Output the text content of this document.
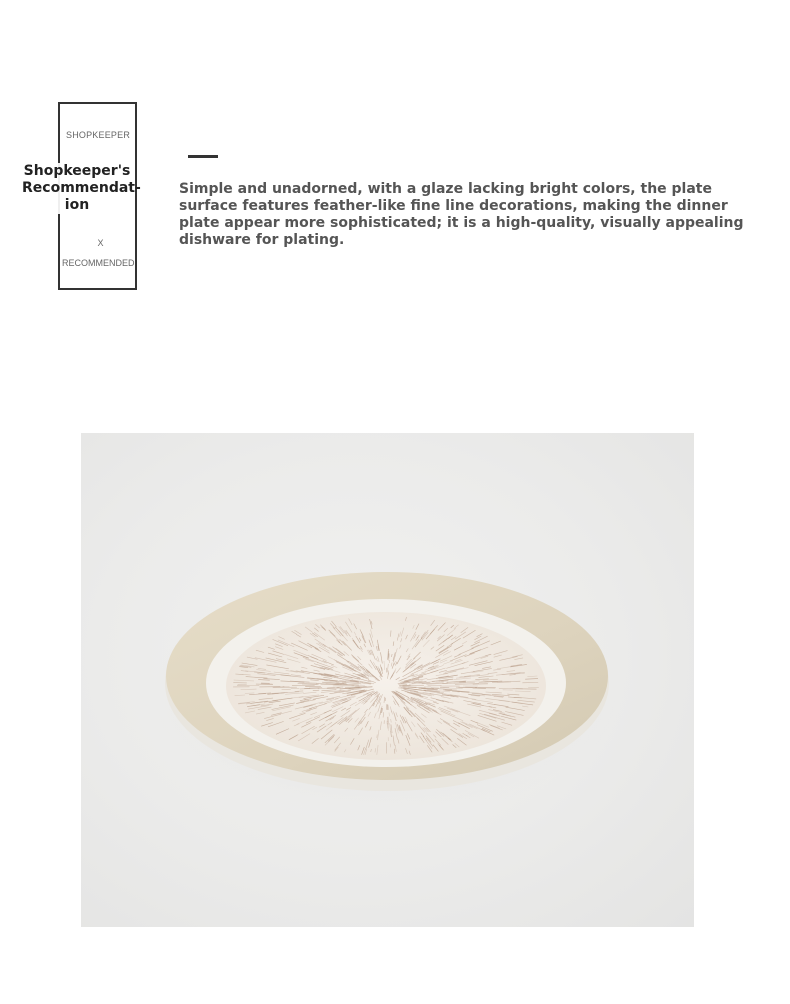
SHOPKEEPER
X
RECOMMENDED
Shopkeeper's Recommendat-ion
Simple and unadorned, with a glaze lacking bright colors, the plate surface features feather-like fine line decorations, making the dinner plate appear more sophisticated; it is a high-quality, visually appealing dishware for plating.
